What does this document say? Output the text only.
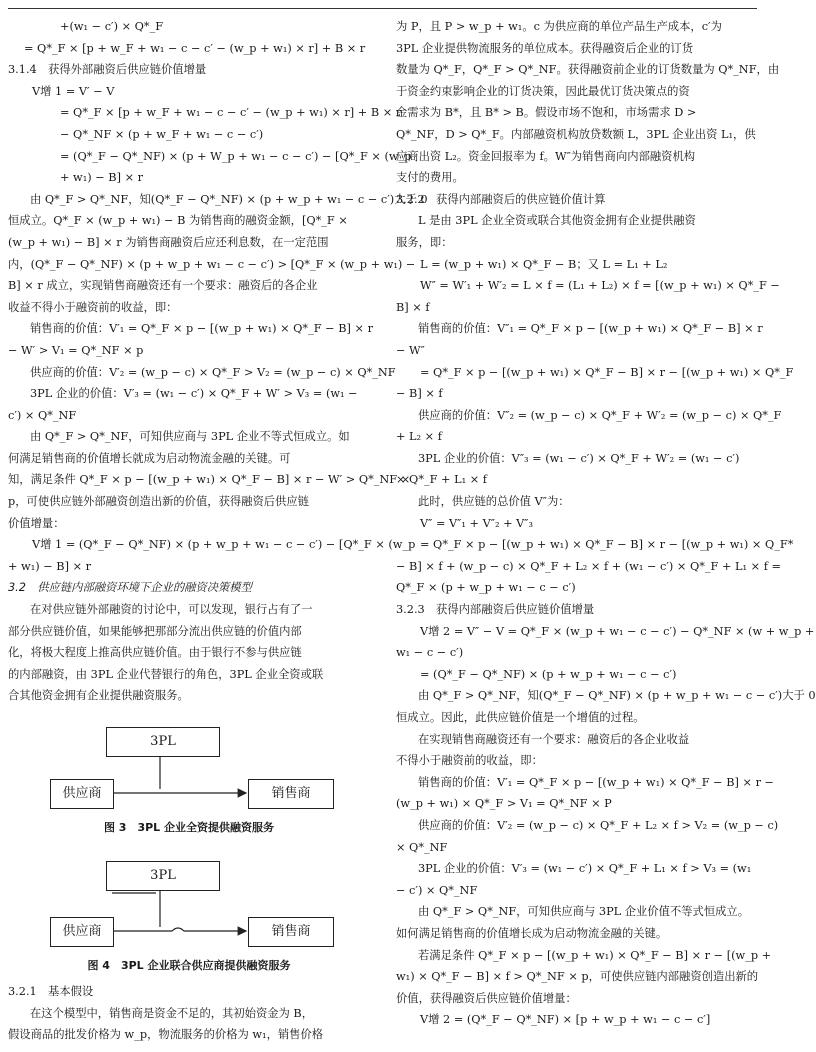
+(w₁ − c′) × Q*_F

= Q*_F × [p + w_F + w₁ − c − c′ − (w_p + w₁) × r] + B × r

3.1.4　获得外部融资后供应链价值增量

V增 1 = V′ − V

= Q*_F × [p + w_F + w₁ − c − c′ − (w_p + w₁) × r] + B × r

− Q*_NF × (p + w_F + w₁ − c − c′)

= (Q*_F − Q*_NF) × (p + W_p + w₁ − c − c′) − [Q*_F × (w_p

+ w₁) − B] × r

由 Q*_F > Q*_NF，知(Q*_F − Q*_NF) × (p + w_p + w₁ − c − c′)大于 0

恒成立。Q*_F × (w_p + w₁) − B 为销售商的融资金额，[Q*_F ×

(w_p + w₁) − B] × r 为销售商融资后应还利息数，在一定范围

内，(Q*_F − Q*_NF) × (p + w_p + w₁ − c − c′) > [Q*_F × (w_p + w₁) −

B] × r 成立，实现销售商融资还有一个要求：融资后的各企业

收益不得小于融资前的收益，即：

销售商的价值：V′₁ = Q*_F × p − [(w_p + w₁) × Q*_F − B] × r

− W′ > V₁ = Q*_NF × p

供应商的价值：V′₂ = (w_p − c) × Q*_F > V₂ = (w_p − c) × Q*_NF

3PL 企业的价值：V′₃ = (w₁ − c′) × Q*_F + W′ > V₃ = (w₁ −

c′) × Q*_NF

由 Q*_F > Q*_NF，可知供应商与 3PL 企业不等式恒成立。如

何满足销售商的价值增长就成为启动物流金融的关键。可

知，满足条件 Q*_F × p − [(w_p + w₁) × Q*_F − B] × r − W′ > Q*_NF ×

p，可使供应链外部融资创造出新的价值，获得融资后供应链

价值增量：

V增 1 = (Q*_F − Q*_NF) × (p + w_p + w₁ − c − c′) − [Q*_F × (w_p

+ w₁) − B] × r

3.2　供应链内部融资环境下企业的融资决策模型

在对供应链外部融资的讨论中，可以发现，银行占有了一

部分供应链价值，如果能够把那部分流出供应链的价值内部

化，将极大程度上推高供应链价值。由于银行不参与供应链

的内部融资，由 3PL 企业代替银行的角色，3PL 企业全资或联

合其他资金拥有企业提供融资服务。

3PL
供应商	销售商
图 3　3PL 企业全资提供融资服务
3PL
供应商	销售商
图 4　3PL 企业联合供应商提供融资服务
3.2.1　基本假设

在这个模型中，销售商是资金不足的，其初始资金为 B，

假设商品的批发价格为 w_p，物流服务的价格为 w₁，销售价格

为 P，且 P > w_p + w₁。c 为供应商的单位产品生产成本，c′为

3PL 企业提供物流服务的单位成本。获得融资后企业的订货

数量为 Q*_F，Q*_F > Q*_NF。获得融资前企业的订货数量为 Q*_NF，由

于资金约束影响企业的订货决策，因此最优订货决策点的资

金需求为 B*，且 B* > B。假设市场不饱和，市场需求 D >

Q*_NF，D > Q*_F。内部融资机构放贷数额 L，3PL 企业出资 L₁，供

应商出资 L₂。资金回报率为 f。W″为销售商向内部融资机构

支付的费用。

3.2.2　获得内部融资后的供应链价值计算

L 是由 3PL 企业全资或联合其他资金拥有企业提供融资

服务，即：

L = (w_p + w₁) × Q*_F − B；又 L = L₁ + L₂

W″ = W′₁ + W′₂ = L × f = (L₁ + L₂) × f = [(w_p + w₁) × Q*_F −

B] × f

销售商的价值：V″₁ = Q*_F × p − [(w_p + w₁) × Q*_F − B] × r

− W″

= Q*_F × p − [(w_p + w₁) × Q*_F − B] × r − [(w_p + w₁) × Q*_F

− B] × f

供应商的价值：V″₂ = (w_p − c) × Q*_F + W′₂ = (w_p − c) × Q*_F

+ L₂ × f

3PL 企业的价值：V″₃ = (w₁ − c′) × Q*_F + W′₂ = (w₁ − c′)

× Q*_F + L₁ × f

此时，供应链的总价值 V″为：

V″ = V″₁ + V″₂ + V″₃

= Q*_F × p − [(w_p + w₁) × Q*_F − B] × r − [(w_p + w₁) × Q_F*

− B] × f + (w_p − c) × Q*_F + L₂ × f + (w₁ − c′) × Q*_F + L₁ × f =

Q*_F × (p + w_p + w₁ − c − c′)

3.2.3　获得内部融资后供应链价值增量

V增 2 = V″ − V = Q*_F × (w_p + w₁ − c − c′) − Q*_NF × (w + w_p +

w₁ − c − c′)

= (Q*_F − Q*_NF) × (p + w_p + w₁ − c − c′)

由 Q*_F > Q*_NF，知(Q*_F − Q*_NF) × (p + w_p + w₁ − c − c′)大于 0

恒成立。因此，此供应链价值是一个增值的过程。

在实现销售商融资还有一个要求：融资后的各企业收益

不得小于融资前的收益，即：

销售商的价值：V′₁ = Q*_F × p − [(w_p + w₁) × Q*_F − B] × r −

(w_p + w₁) × Q*_F > V₁ = Q*_NF × P

供应商的价值：V′₂ = (w_p − c) × Q*_F + L₂ × f > V₂ = (w_p − c)

× Q*_NF

3PL 企业的价值：V′₃ = (w₁ − c′) × Q*_F + L₁ × f > V₃ = (w₁

− c′) × Q*_NF

由 Q*_F > Q*_NF，可知供应商与 3PL 企业价值不等式恒成立。

如何满足销售商的价值增长成为启动物流金融的关键。

若满足条件 Q*_F × p − [(w_p + w₁) × Q*_F − B] × r − [(w_p +

w₁) × Q*_F − B] × f > Q*_NF × p，可使供应链内部融资创造出新的

价值，获得融资后供应链价值增量：

V增 2 = (Q*_F − Q*_NF) × [p + w_p + w₁ − c − c′]
